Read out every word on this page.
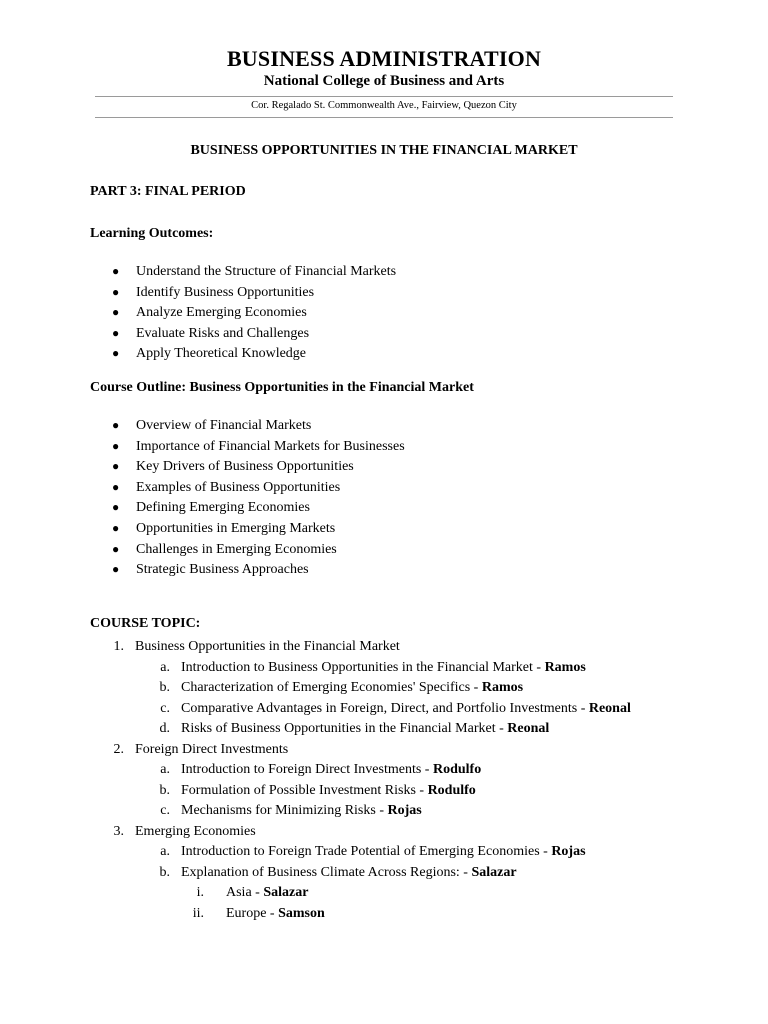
BUSINESS ADMINISTRATION
National College of Business and Arts
Cor. Regalado St. Commonwealth Ave., Fairview, Quezon City
BUSINESS OPPORTUNITIES IN THE FINANCIAL MARKET
PART 3: FINAL PERIOD
Learning Outcomes:
● Understand the Structure of Financial Markets
● Identify Business Opportunities
● Analyze Emerging Economies
● Evaluate Risks and Challenges
● Apply Theoretical Knowledge
Course Outline: Business Opportunities in the Financial Market
● Overview of Financial Markets
● Importance of Financial Markets for Businesses
● Key Drivers of Business Opportunities
● Examples of Business Opportunities
● Defining Emerging Economies
● Opportunities in Emerging Markets
● Challenges in Emerging Economies
● Strategic Business Approaches
COURSE TOPIC:
1. Business Opportunities in the Financial Market
a. Introduction to Business Opportunities in the Financial Market - Ramos
b. Characterization of Emerging Economies' Specifics - Ramos
c. Comparative Advantages in Foreign, Direct, and Portfolio Investments - Reonal
d. Risks of Business Opportunities in the Financial Market - Reonal
2. Foreign Direct Investments
a. Introduction to Foreign Direct Investments - Rodulfo
b. Formulation of Possible Investment Risks - Rodulfo
c. Mechanisms for Minimizing Risks - Rojas
3. Emerging Economies
a. Introduction to Foreign Trade Potential of Emerging Economies - Rojas
b. Explanation of Business Climate Across Regions: - Salazar
i. Asia - Salazar
ii. Europe - Samson
